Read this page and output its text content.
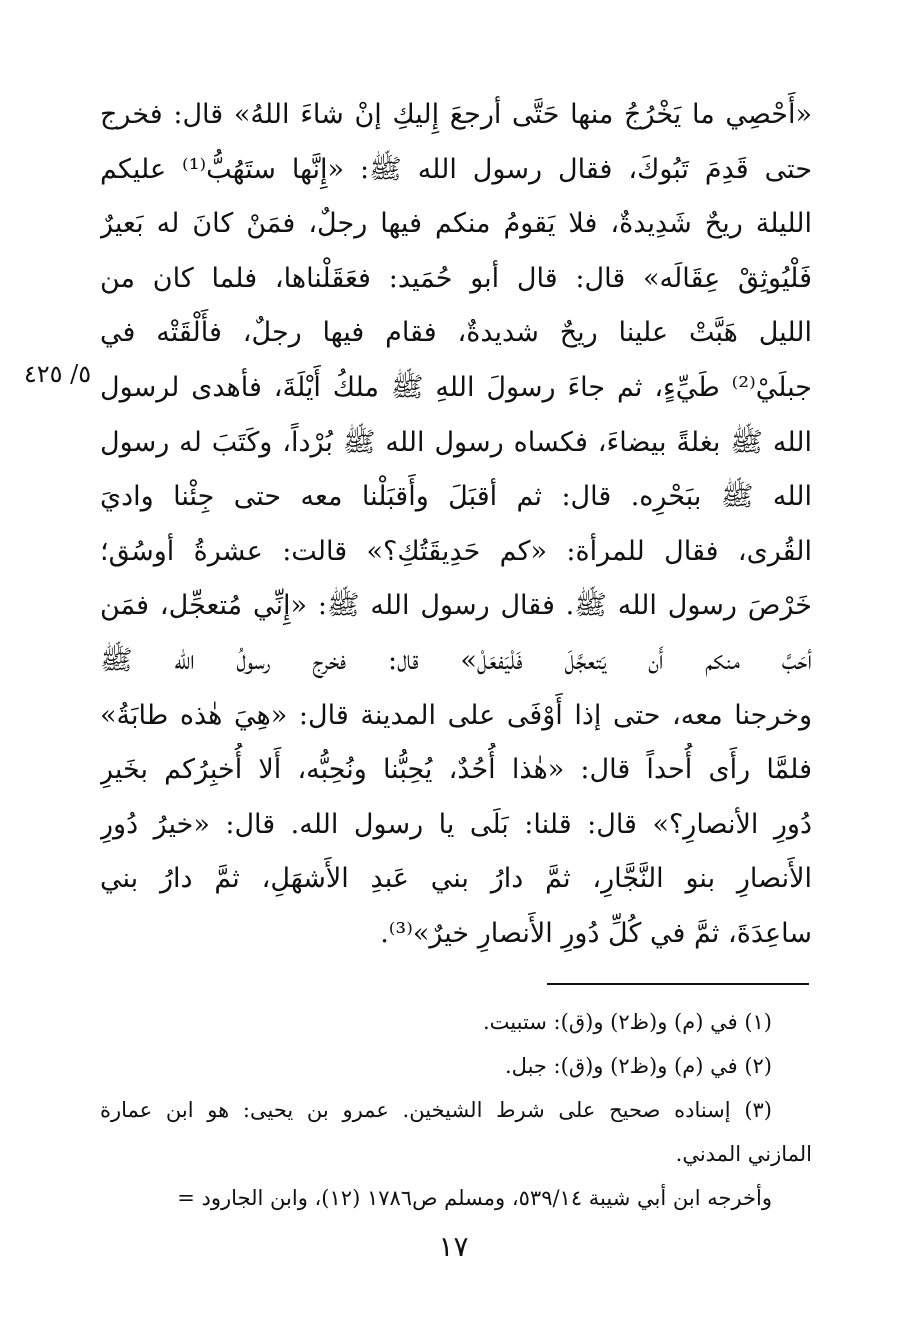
٥/ ٤٢٥
«أَحْصِي ما يَخْرُجُ منها حَتَّى أرجعَ إِليكِ إنْ شاءَ اللهُ» قال: فخرج
حتى قَدِمَ تَبُوكَ، فقال رسول الله ﷺ: «إِنَّها ستَهُبُّ⁽¹⁾ عليكم
الليلة ريحٌ شَدِيدةٌ، فلا يَقومُ منكم فيها رجلٌ، فمَنْ كانَ له بَعيرٌ
فَلْيُوثِقْ عِقَالَه» قال: قال أبو حُمَيد: فعَقَلْناها، فلما كان من
الليل هَبَّتْ علينا ريحٌ شديدةٌ، فقام فيها رجلٌ، فأَلْقَتْه في
جبلَيْ⁽²⁾ طَيِّءٍ، ثم جاءَ رسولَ اللهِ ﷺ ملكُ أَيْلَةَ، فأهدى لرسول
الله ﷺ بغلةً بيضاءَ، فكساه رسول الله ﷺ بُرْداً، وكَتَبَ له رسول
الله ﷺ ببَحْرِه. قال: ثم أقبَلَ وأَقبَلْنا معه حتى جِئْنا واديَ
القُرى، فقال للمرأة: «كم حَدِيقَتُكِ؟» قالت: عشرةُ أوسُق؛
خَرْصَ رسول الله ﷺ. فقال رسول الله ﷺ: «إِنِّي مُتعجِّل، فمَن
أحَبَّ منكم أَن يَتعجَّلَ فَلْيَفعَلْ» قال: فخرج رسولُ الله ﷺ
وخرجنا معه، حتى إذا أَوْفَى على المدينة قال: «هِيَ هٰذه طابَةُ»
فلمَّا رأَى أُحداً قال: «هٰذا أُحُدٌ، يُحِبُّنا ونُحِبُّه، أَلا أُخبِرُكم بخَيرِ
دُورِ الأنصارِ؟» قال: قلنا: بَلَى يا رسول الله. قال: «خيرُ دُورِ
الأَنصارِ بنو النَّجَّارِ، ثمَّ دارُ بني عَبدِ الأَشهَلِ، ثمَّ دارُ بني
ساعِدَةَ، ثمَّ في كُلِّ دُورِ الأَنصارِ خيرٌ»⁽³⁾.
(١) في (م) و(ظ٢) و(ق): ستبيت.
(٢) في (م) و(ظ٢) و(ق): جبل.
(٣) إسناده صحيح على شرط الشيخين. عمرو بن يحيى: هو ابن عمارة
المازني المدني.
وأخرجه ابن أبي شيبة ٥٣٩/١٤، ومسلم ص١٧٨٦ (١٢)، وابن الجارود =
١٧
